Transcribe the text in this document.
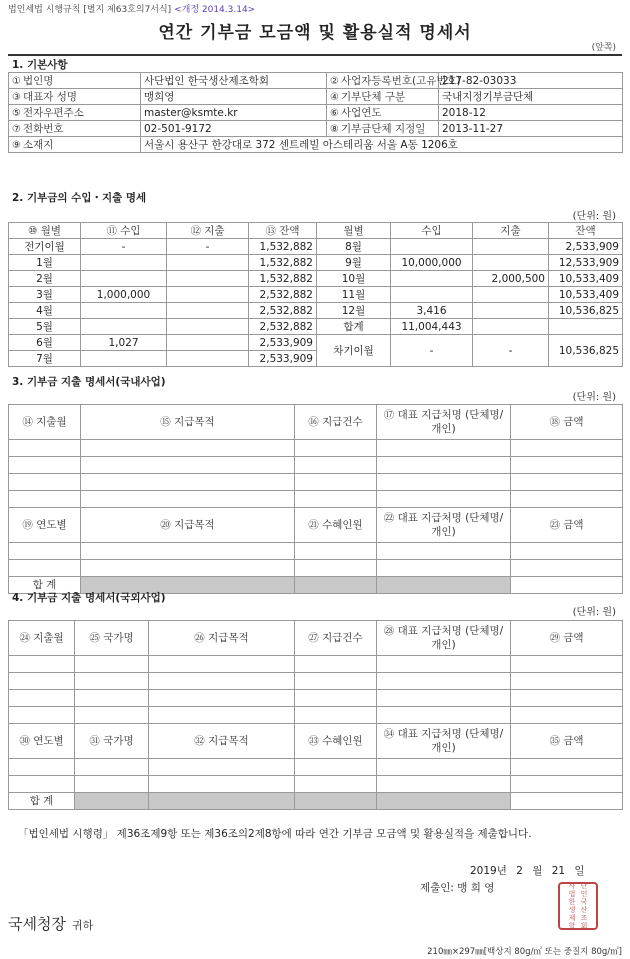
법인세법 시행규칙 [별지 제63호의7서식] <개정 2014.3.14>
연간 기부금 모금액 및 활용실적 명세서
(앞쪽)
1. 기본사항
① 법인명	사단법인 한국생산제조학회	② 사업자등록번호(고유번호)	217-82-03033
③ 대표자 성명	맹희영	④ 기부단체 구분	국내지정기부금단체
⑤ 전자우편주소	master@ksmte.kr	⑥ 사업연도	2018-12
⑦ 전화번호	02-501-9172	⑧ 기부금단체 지정일	2013-11-27
⑨ 소재지	서울시 용산구 한강대로 372 센트레빌 아스테리움 서울 A동 1206호		
2. 기부금의 수입・지출 명세
(단위: 원)
⑩ 월별	⑪ 수입	⑫ 지출	⑬ 잔액	월별	수입	지출	잔액
전기이월	-	-	1,532,882	8월			2,533,909
1월			1,532,882	9월	10,000,000		12,533,909
2월			1,532,882	10월		2,000,500	10,533,409
3월	1,000,000		2,532,882	11월			10,533,409
4월			2,532,882	12월	3,416		10,536,825
5월			2,532,882	합계	11,004,443		
6월	1,027		2,533,909	차기이월	-	-	10,536,825
7월			2,533,909				
3. 기부금 지출 명세서(국내사업)
(단위: 원)
⑭ 지출월	⑮ 지급목적	⑯ 지급건수	⑰ 대표 지급처명 (단체명/개인)	⑱ 금액

⑲ 연도별	⑳ 지급목적	㉑ 수혜인원	㉒ 대표 지급처명 (단체명/개인)	㉓ 금액

합 계				
4. 기부금 지출 명세서(국외사업)
(단위: 원)
㉔ 지출월	㉕ 국가명	㉖ 지급목적	㉗ 지급건수	㉘ 대표 지급처명 (단체명/개인)	㉙ 금액

㉚ 연도별	㉛ 국가명	㉜ 지급목적	㉝ 수혜인원	㉞ 대표 지급처명 (단체명/개인)	㉟ 금액

합 계					
「법인세법 시행령」 제36조제9항 또는 제36조의2제8항에 따라 연간 기부금 모금액 및 활용실적을 제출합니다.
2019년 2 월 21 일
제출인: 맹 희 영	사 단
법 인
한 국
생 산
제 조
학 회
국세청장 귀하
210㎜×297㎜[백상지 80g/㎡ 또는 중질지 80g/㎡]
